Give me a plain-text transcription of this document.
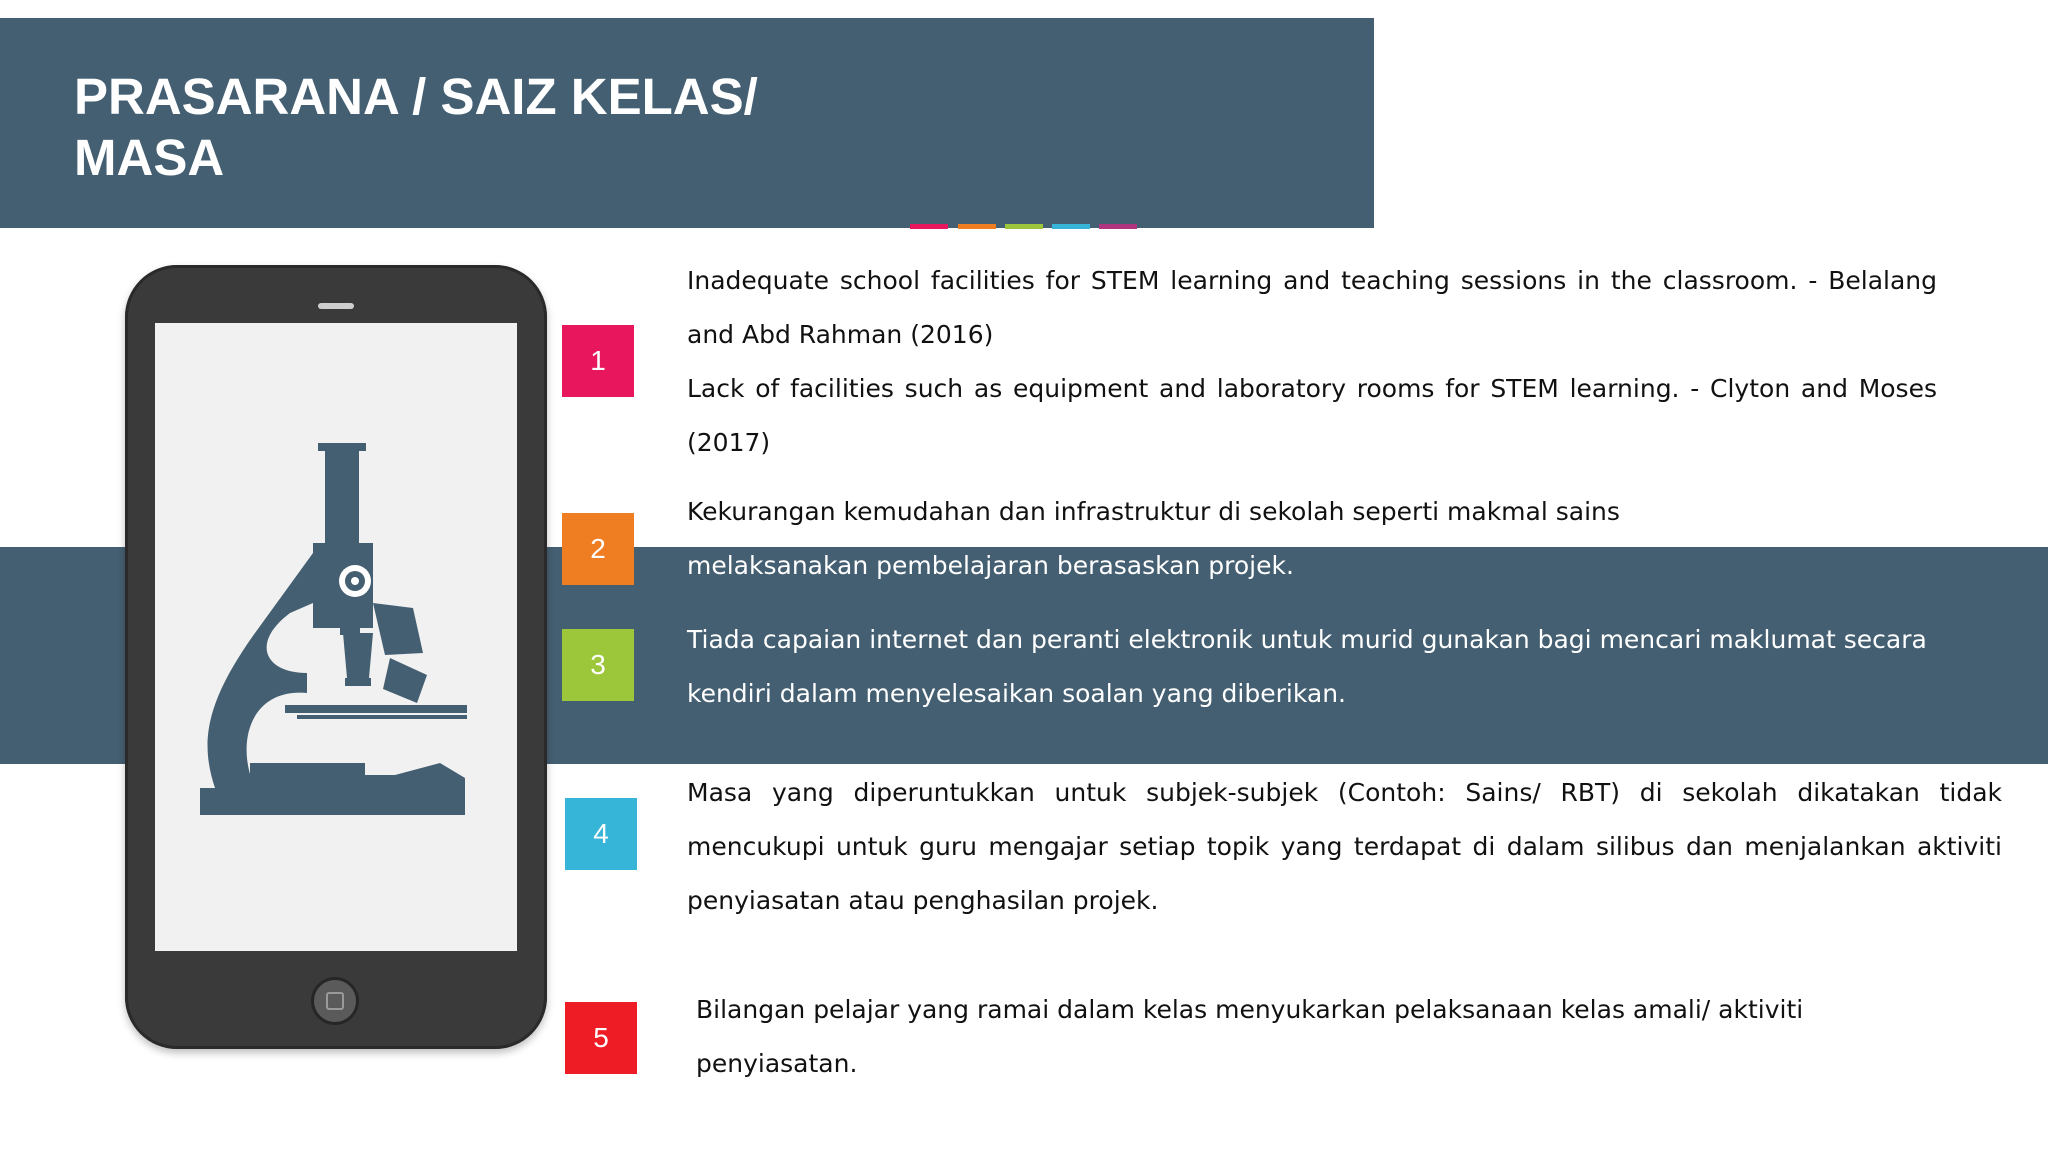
PRASARANA / SAIZ KELAS/
MASA
1

Inadequate school facilities for STEM learning and teaching sessions in the classroom. - Belalang and Abd Rahman (2016)

Lack of facilities such as equipment and laboratory rooms for STEM learning. - Clyton and Moses (2017)

2
Kekurangan kemudahan dan infrastruktur di sekolah seperti makmal sains
melaksanakan pembelajaran berasaskan projek.
3

Tiada capaian internet dan peranti elektronik untuk murid gunakan bagi mencari maklumat secara kendiri dalam menyelesaikan soalan yang diberikan.

4

Masa yang diperuntukkan untuk subjek-subjek (Contoh: Sains/ RBT) di sekolah dikatakan tidak mencukupi untuk guru mengajar setiap topik yang terdapat di dalam silibus dan menjalankan aktiviti penyiasatan atau penghasilan projek.

5
Bilangan pelajar yang ramai dalam kelas menyukarkan pelaksanaan kelas amali/ aktiviti
penyiasatan.
